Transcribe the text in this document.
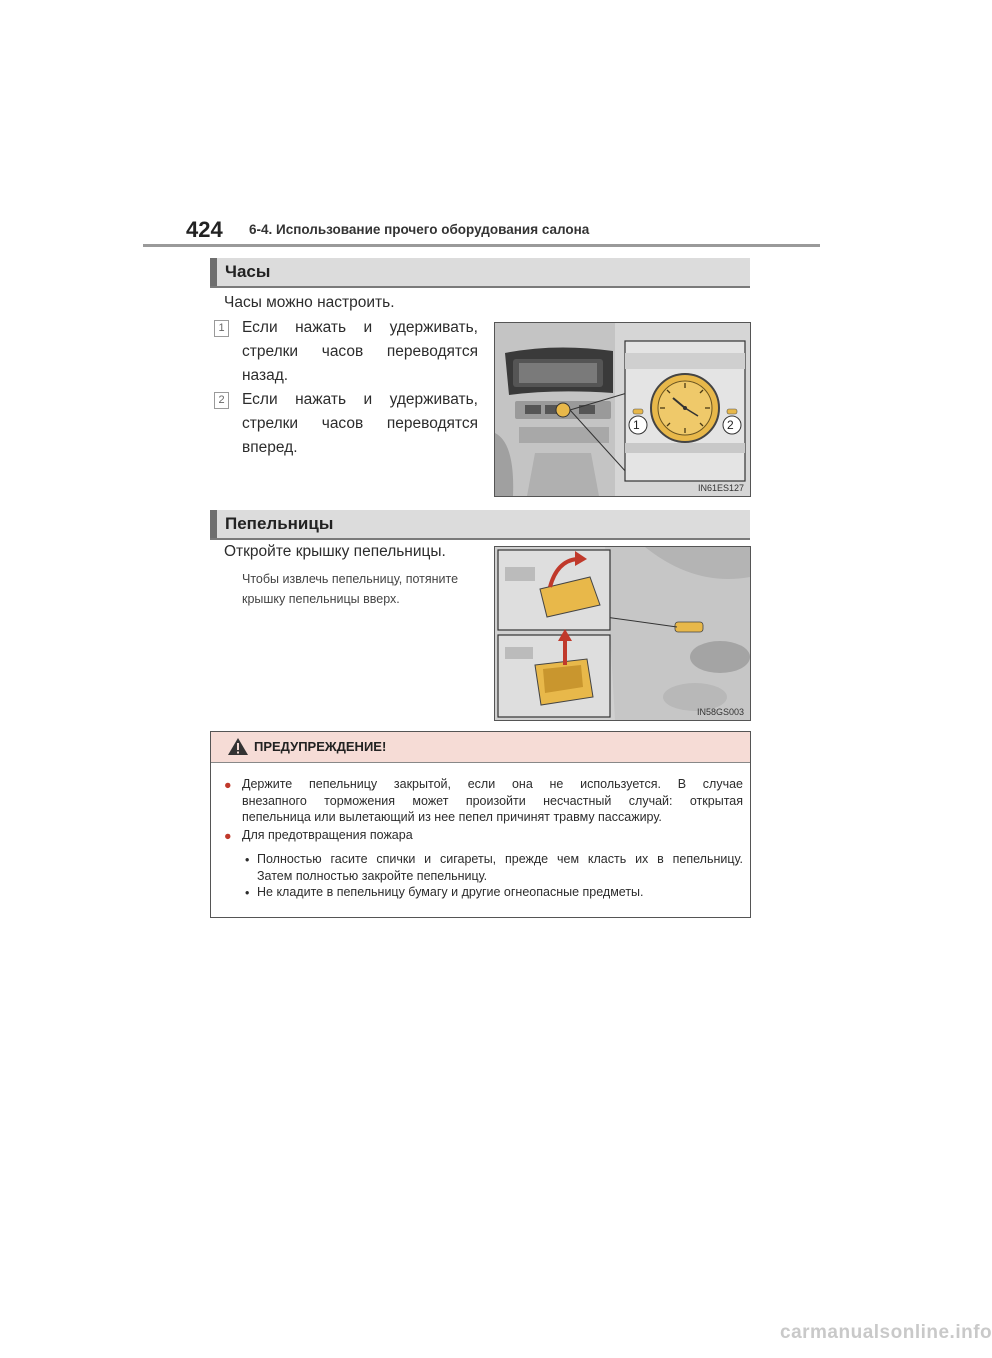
424 6-4. Использование прочего оборудования салона
Часы
Часы можно настроить.
1 Если нажать и удерживать,
стрелки часов переводятся
назад.
2 Если нажать и удерживать,
стрелки часов переводятся
вперед.
1	2
IN61ES127
Пепельницы
Откройте крышку пепельницы.
Чтобы извлечь пепельницу, потяните
крышку пепельницы вверх.
IN58GS003
ПРЕДУПРЕЖДЕНИЕ!
● Держите пепельницу закрытой, если она не используется. В случае
внезапного торможения может произойти несчастный случай: открытая
пепельница или вылетающий из нее пепел причинят травму пассажиру.
● Для предотвращения пожара
• Полностью гасите спички и сигареты, прежде чем класть их в пепельницу.
Затем полностью закройте пепельницу.
• Не кладите в пепельницу бумагу и другие огнеопасные предметы.
carmanualsonline.info
